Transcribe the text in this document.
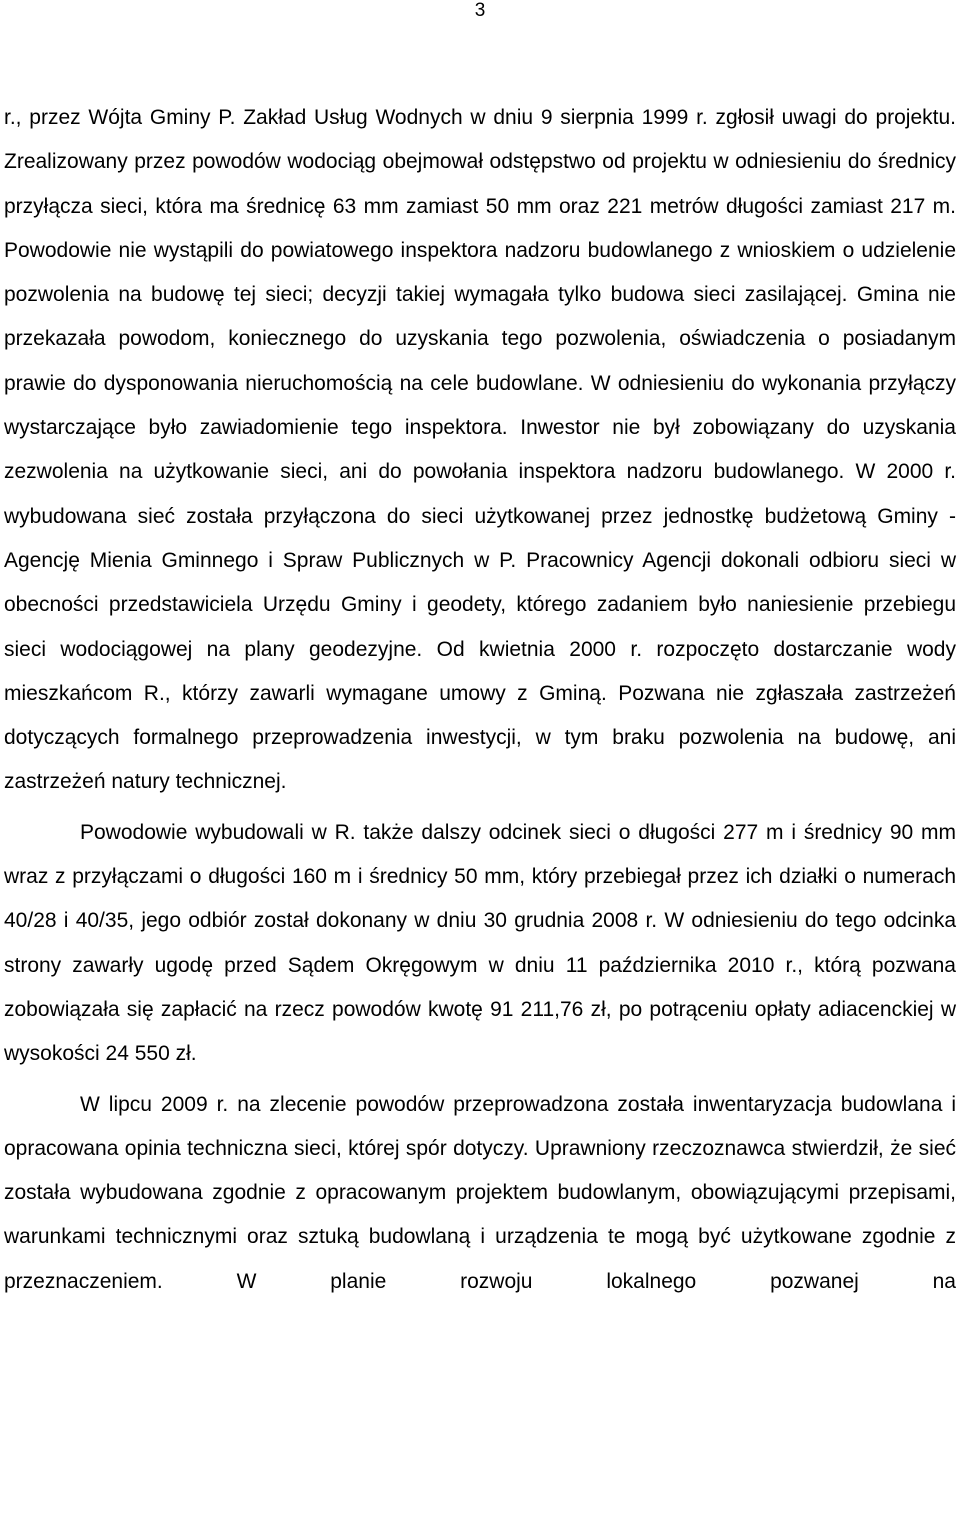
3

r., przez Wójta Gminy P. Zakład Usług Wodnych w dniu 9 sierpnia 1999 r. zgłosił uwagi do projektu. Zrealizowany przez powodów wodociąg obejmował odstępstwo od projektu w odniesieniu do średnicy przyłącza sieci, która ma średnicę 63 mm zamiast 50 mm oraz 221 metrów długości zamiast 217 m. Powodowie nie wystąpili do powiatowego inspektora nadzoru budowlanego z wnioskiem o udzielenie pozwolenia na budowę tej sieci; decyzji takiej wymagała tylko budowa sieci zasilającej. Gmina nie przekazała powodom, koniecznego do uzyskania tego pozwolenia, oświadczenia o posiadanym prawie do dysponowania nieruchomością na cele budowlane. W odniesieniu do wykonania przyłączy wystarczające było zawiadomienie tego inspektora. Inwestor nie był zobowiązany do uzyskania zezwolenia na użytkowanie sieci, ani do powołania inspektora nadzoru budowlanego. W 2000 r. wybudowana sieć została przyłączona do sieci użytkowanej przez jednostkę budżetową Gminy - Agencję Mienia Gminnego i Spraw Publicznych w P. Pracownicy Agencji dokonali odbioru sieci w obecności przedstawiciela Urzędu Gminy i geodety, którego zadaniem było naniesienie przebiegu sieci wodociągowej na plany geodezyjne. Od kwietnia 2000 r. rozpoczęto dostarczanie wody mieszkańcom R., którzy zawarli wymagane umowy z Gminą. Pozwana nie zgłaszała zastrzeżeń dotyczących formalnego przeprowadzenia inwestycji, w tym braku pozwolenia na budowę, ani zastrzeżeń natury technicznej.

Powodowie wybudowali w R. także dalszy odcinek sieci o długości 277 m i średnicy 90 mm wraz z przyłączami o długości 160 m i średnicy 50 mm, który przebiegał przez ich działki o numerach 40/28 i 40/35, jego odbiór został dokonany w dniu 30 grudnia 2008 r. W odniesieniu do tego odcinka strony zawarły ugodę przed Sądem Okręgowym w dniu 11 października 2010 r., którą pozwana zobowiązała się zapłacić na rzecz powodów kwotę 91 211,76 zł, po potrąceniu opłaty adiacenckiej w wysokości 24 550 zł.

W lipcu 2009 r. na zlecenie powodów przeprowadzona została inwentaryzacja budowlana i opracowana opinia techniczna sieci, której spór dotyczy. Uprawniony rzeczoznawca stwierdził, że sieć została wybudowana zgodnie z opracowanym projektem budowlanym, obowiązującymi przepisami, warunkami technicznymi oraz sztuką budowlaną i urządzenia te mogą być użytkowane zgodnie z przeznaczeniem. W planie rozwoju lokalnego pozwanej na
